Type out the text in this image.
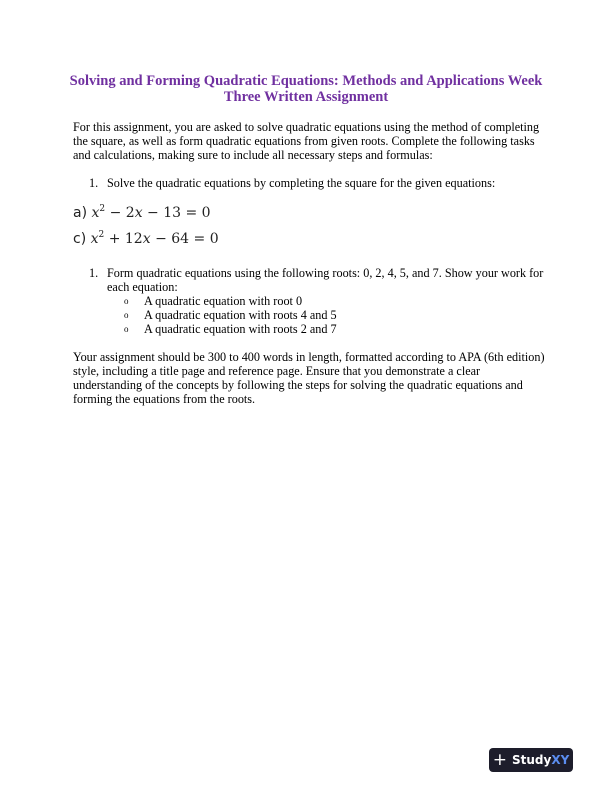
Solving and Forming Quadratic Equations: Methods and Applications Week Three Written Assignment

For this assignment, you are asked to solve quadratic equations using the method of completing the square, as well as form quadratic equations from given roots. Complete the following tasks and calculations, making sure to include all necessary steps and formulas:

1. Solve the quadratic equations by completing the square for the given equations:
a) $x^2 - 2x - 13 = 0$
c) $x^2 + 12x - 64 = 0$
1. Form quadratic equations using the following roots: 0, 2, 4, 5, and 7. Show your work for each equation:
o	A quadratic equation with root 0
o	A quadratic equation with roots 4 and 5
o	A quadratic equation with roots 2 and 7

Your assignment should be 300 to 400 words in length, formatted according to APA (6th edition) style, including a title page and reference page. Ensure that you demonstrate a clear understanding of the concepts by following the steps for solving the quadratic equations and forming the equations from the roots.

+ StudyXY
